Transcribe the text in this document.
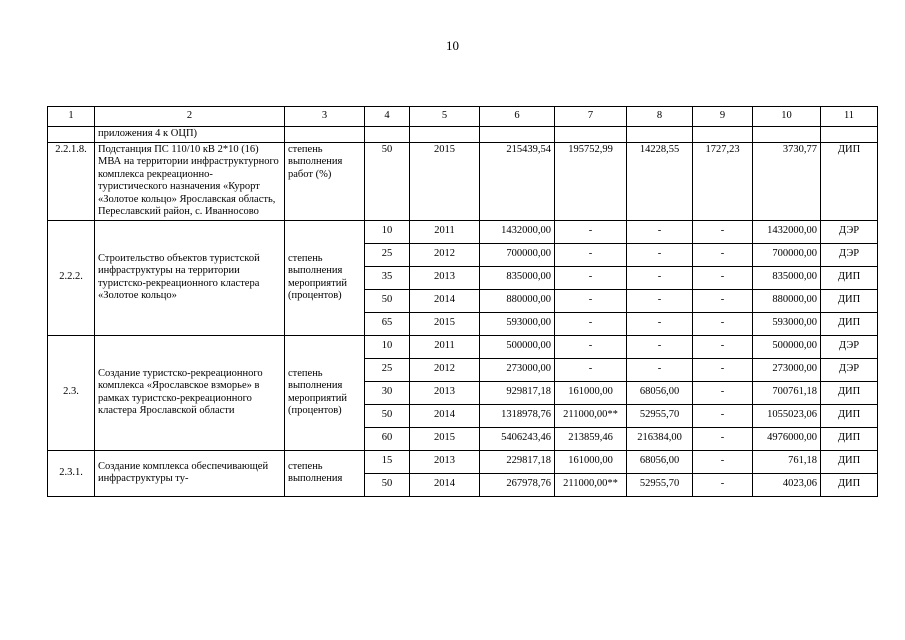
10
1	2	3	4	5	6	7	8	9	10	11
	приложения 4 к ОЦП)									
2.2.1.8.	Подстанция ПС 110/10 кВ 2*10 (16) МВА на территории инфраструктурного комплекса рекреационно-туристического назначения «Курорт «Золотое кольцо» Ярославская область, Переславский район, с. Иванносово	степень выполнения работ (%)	50	2015	215439,54	195752,99	14228,55	1727,23	3730,77	ДИП
2.2.2.	Строительство объектов туристской инфраструктуры на территории туристско-рекреационного кластера «Золотое кольцо»	степень выполнения мероприятий (процентов)	10	2011	1432000,00	-	-	-	1432000,00	ДЭР
			25	2012	700000,00	-	-	-	700000,00	ДЭР
			35	2013	835000,00	-	-	-	835000,00	ДИП
			50	2014	880000,00	-	-	-	880000,00	ДИП
			65	2015	593000,00	-	-	-	593000,00	ДИП
2.3.	Создание туристско-рекреационного комплекса «Ярославское взморье» в рамках туристско-рекреационного кластера Ярославской области	степень выполнения мероприятий (процентов)	10	2011	500000,00	-	-	-	500000,00	ДЭР
			25	2012	273000,00	-	-	-	273000,00	ДЭР
			30	2013	929817,18	161000,00	68056,00	-	700761,18	ДИП
			50	2014	1318978,76	211000,00**	52955,70	-	1055023,06	ДИП
			60	2015	5406243,46	213859,46	216384,00	-	4976000,00	ДИП
2.3.1.	Создание комплекса обеспечивающей инфраструктуры ту-	степень выполнения	15	2013	229817,18	161000,00	68056,00	-	761,18	ДИП
			50	2014	267978,76	211000,00**	52955,70	-	4023,06	ДИП
